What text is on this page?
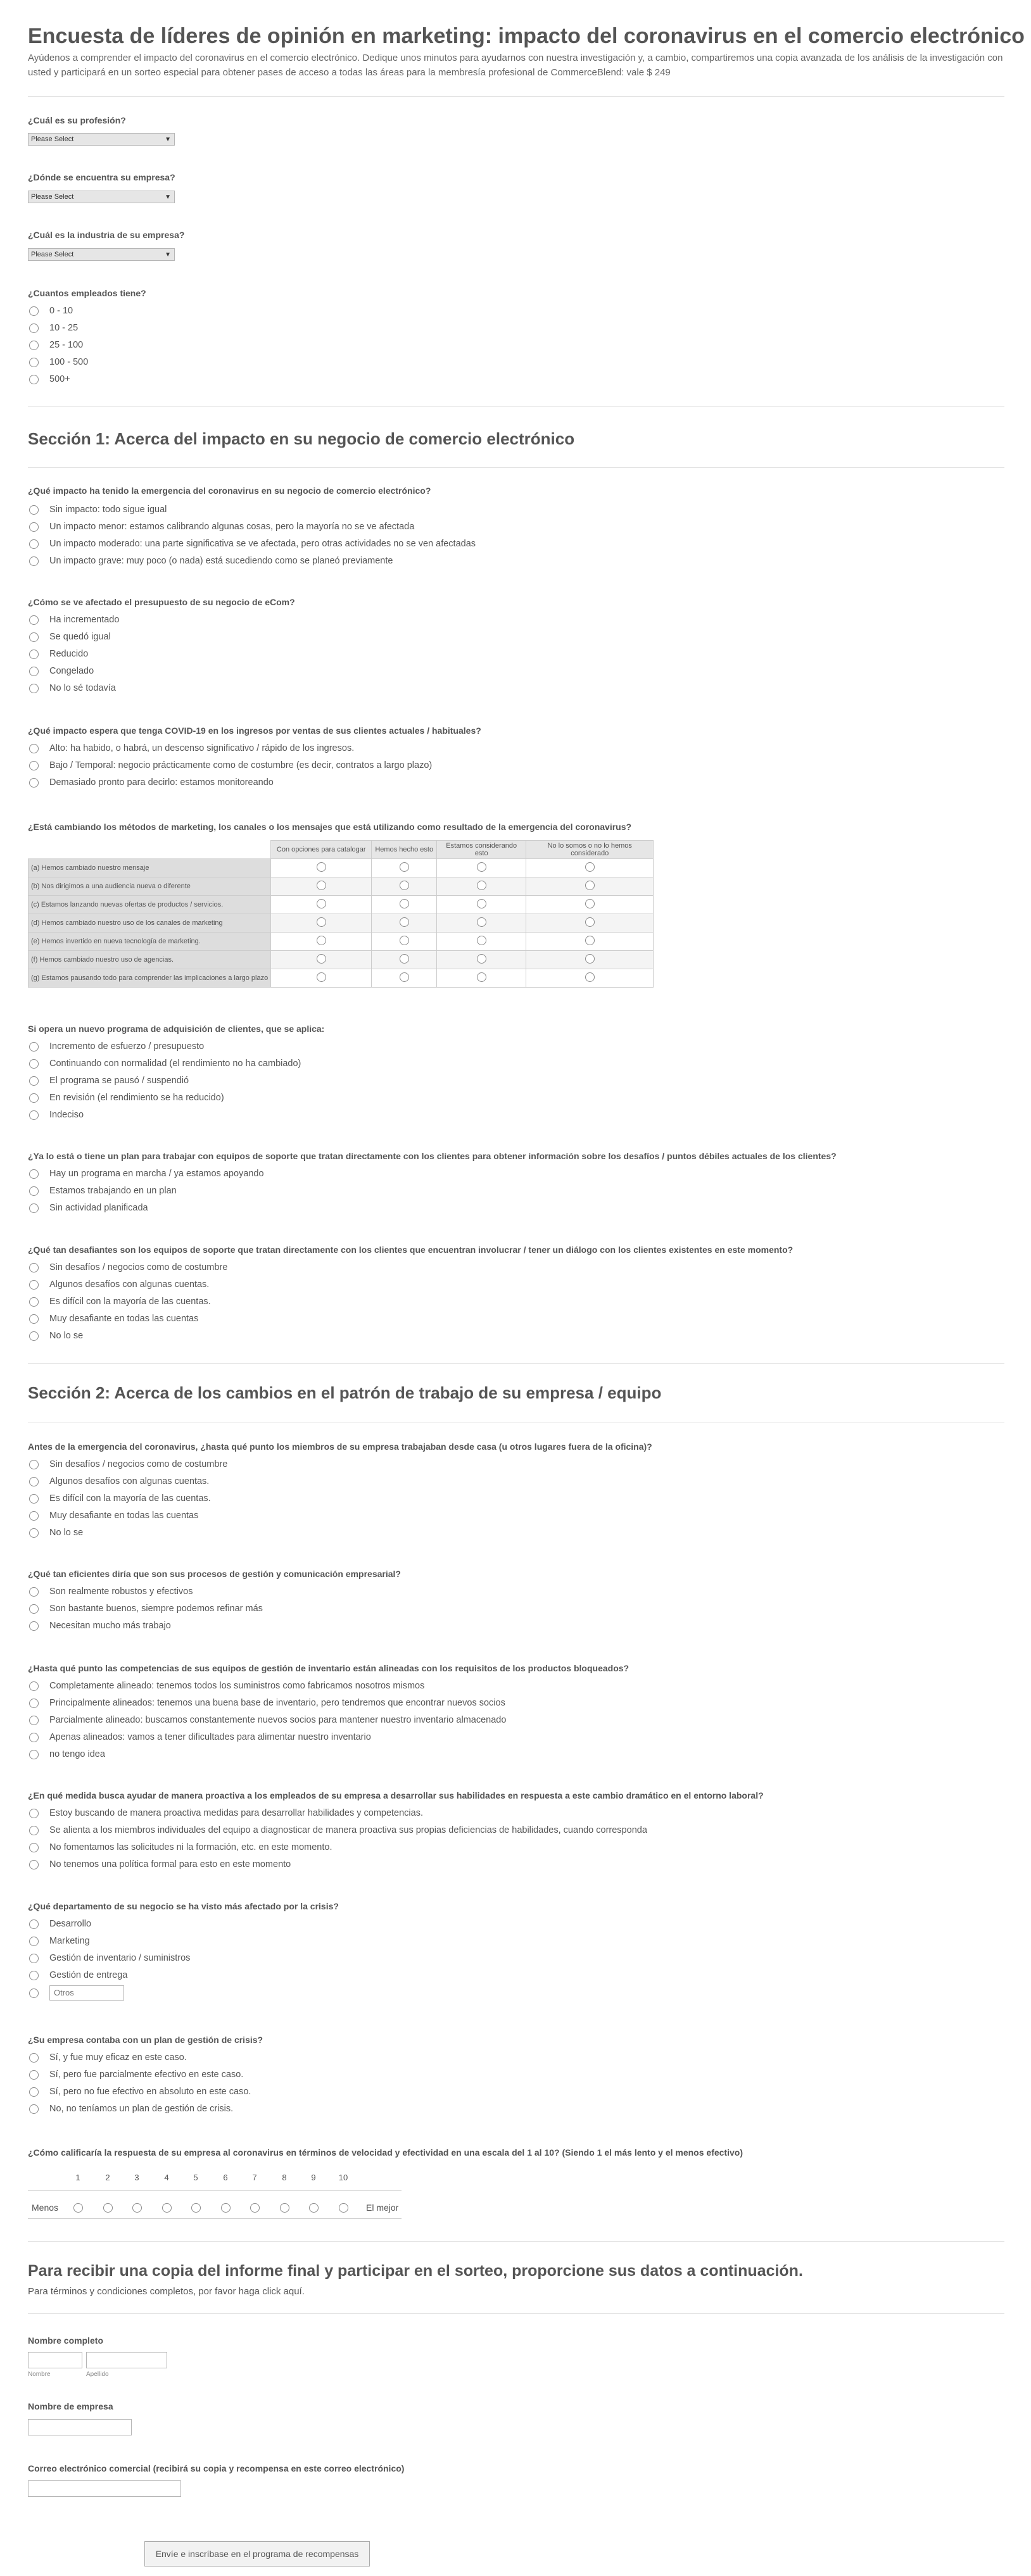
Encuesta de líderes de opinión en marketing: impacto del coronavirus en el comercio electrónico
Ayúdenos a comprender el impacto del coronavirus en el comercio electrónico. Dedique unos minutos para ayudarnos con nuestra investigación y, a cambio, compartiremos una copia avanzada de los análisis de la investigación con usted y participará en un sorteo especial para obtener pases de acceso a todas las áreas para la membresía profesional de CommerceBlend: vale $ 249
¿Cuál es su profesión?
Please Select	▼
¿Dónde se encuentra su empresa?
Please Select	▼
¿Cuál es la industria de su empresa?
Please Select	▼
¿Cuantos empleados tiene?
0 - 10
10 - 25
25 - 100
100 - 500
500+
Sección 1: Acerca del impacto en su negocio de comercio electrónico
¿Qué impacto ha tenido la emergencia del coronavirus en su negocio de comercio electrónico?
Sin impacto: todo sigue igual
Un impacto menor: estamos calibrando algunas cosas, pero la mayoría no se ve afectada
Un impacto moderado: una parte significativa se ve afectada, pero otras actividades no se ven afectadas
Un impacto grave: muy poco (o nada) está sucediendo como se planeó previamente
¿Cómo se ve afectado el presupuesto de su negocio de eCom?
Ha incrementado
Se quedó igual
Reducido
Congelado
No lo sé todavía
¿Qué impacto espera que tenga COVID-19 en los ingresos por ventas de sus clientes actuales / habituales?
Alto: ha habido, o habrá, un descenso significativo / rápido de los ingresos.
Bajo / Temporal: negocio prácticamente como de costumbre (es decir, contratos a largo plazo)
Demasiado pronto para decirlo: estamos monitoreando
¿Está cambiando los métodos de marketing, los canales o los mensajes que está utilizando como resultado de la emergencia del coronavirus?
	Con opciones para catalogar	Hemos hecho esto	Estamos considerando esto	No lo somos o no lo hemos considerado
(a) Hemos cambiado nuestro mensaje				
(b) Nos dirigimos a una audiencia nueva o diferente				
(c) Estamos lanzando nuevas ofertas de productos / servicios.				
(d) Hemos cambiado nuestro uso de los canales de marketing				
(e) Hemos invertido en nueva tecnología de marketing.				
(f) Hemos cambiado nuestro uso de agencias.				
(g) Estamos pausando todo para comprender las implicaciones a largo plazo				
Si opera un nuevo programa de adquisición de clientes, que se aplica:
Incremento de esfuerzo / presupuesto
Continuando con normalidad (el rendimiento no ha cambiado)
El programa se pausó / suspendió
En revisión (el rendimiento se ha reducido)
Indeciso
¿Ya lo está o tiene un plan para trabajar con equipos de soporte que tratan directamente con los clientes para obtener información sobre los desafíos / puntos débiles actuales de los clientes?
Hay un programa en marcha / ya estamos apoyando
Estamos trabajando en un plan
Sin actividad planificada
¿Qué tan desafiantes son los equipos de soporte que tratan directamente con los clientes que encuentran involucrar / tener un diálogo con los clientes existentes en este momento?
Sin desafíos / negocios como de costumbre
Algunos desafíos con algunas cuentas.
Es difícil con la mayoría de las cuentas.
Muy desafiante en todas las cuentas
No lo se
Sección 2: Acerca de los cambios en el patrón de trabajo de su empresa / equipo
Antes de la emergencia del coronavirus, ¿hasta qué punto los miembros de su empresa trabajaban desde casa (u otros lugares fuera de la oficina)?
Sin desafíos / negocios como de costumbre
Algunos desafíos con algunas cuentas.
Es difícil con la mayoría de las cuentas.
Muy desafiante en todas las cuentas
No lo se
¿Qué tan eficientes diría que son sus procesos de gestión y comunicación empresarial?
Son realmente robustos y efectivos
Son bastante buenos, siempre podemos refinar más
Necesitan mucho más trabajo
¿Hasta qué punto las competencias de sus equipos de gestión de inventario están alineadas con los requisitos de los productos bloqueados?
Completamente alineado: tenemos todos los suministros como fabricamos nosotros mismos
Principalmente alineados: tenemos una buena base de inventario, pero tendremos que encontrar nuevos socios
Parcialmente alineado: buscamos constantemente nuevos socios para mantener nuestro inventario almacenado
Apenas alineados: vamos a tener dificultades para alimentar nuestro inventario
no tengo idea
¿En qué medida busca ayudar de manera proactiva a los empleados de su empresa a desarrollar sus habilidades en respuesta a este cambio dramático en el entorno laboral?
Estoy buscando de manera proactiva medidas para desarrollar habilidades y competencias.
Se alienta a los miembros individuales del equipo a diagnosticar de manera proactiva sus propias deficiencias de habilidades, cuando corresponda
No fomentamos las solicitudes ni la formación, etc. en este momento.
No tenemos una política formal para esto en este momento
¿Qué departamento de su negocio se ha visto más afectado por la crisis?
Desarrollo
Marketing
Gestión de inventario / suministros
Gestión de entrega
Otros
¿Su empresa contaba con un plan de gestión de crisis?
Sí, y fue muy eficaz en este caso.
Sí, pero fue parcialmente efectivo en este caso.
Sí, pero no fue efectivo en absoluto en este caso.
No, no teníamos un plan de gestión de crisis.
¿Cómo calificaría la respuesta de su empresa al coronavirus en términos de velocidad y efectividad en una escala del 1 al 10? (Siendo 1 el más lento y el menos efectivo)
1	2	3	4	5	6	7	8	9	10
Menos	El mejor
Para recibir una copia del informe final y participar en el sorteo, proporcione sus datos a continuación.
Para términos y condiciones completos, por favor haga click aquí.
Nombre completo
Nombre	Apellido
Nombre de empresa
Correo electrónico comercial (recibirá su copia y recompensa en este correo electrónico)
Envíe e inscríbase en el programa de recompensas
